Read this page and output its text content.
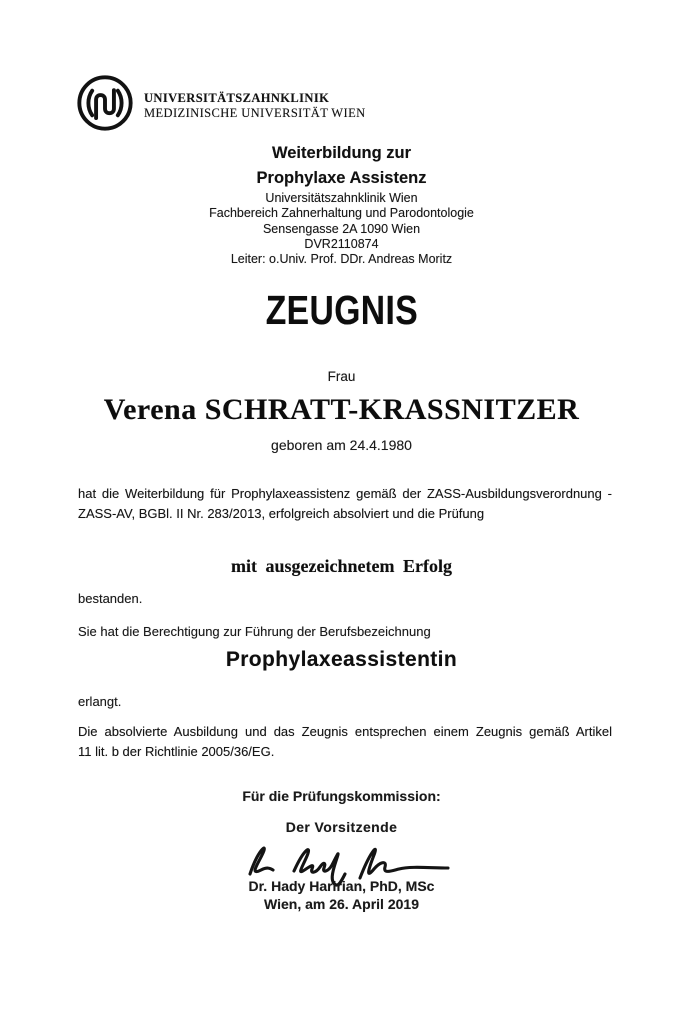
UNIVERSITÄTSZAHNKLINIK
MEDIZINISCHE UNIVERSITÄT WIEN
Weiterbildung zur
Prophylaxe Assistenz
Universitätszahnklinik Wien
Fachbereich Zahnerhaltung und Parodontologie
Sensengasse 2A 1090 Wien
DVR2110874
Leiter: o.Univ. Prof. DDr. Andreas Moritz
ZEUGNIS
Frau
Verena SCHRATT-KRASSNITZER
geboren am 24.4.1980
hat die Weiterbildung für Prophylaxeassistenz gemäß der ZASS-Ausbildungsverordnung -
ZASS-AV, BGBl. II Nr. 283/2013, erfolgreich absolviert und die Prüfung
mit ausgezeichnetem Erfolg
bestanden.
Sie hat die Berechtigung zur Führung der Berufsbezeichnung
Prophylaxeassistentin
erlangt.
Die absolvierte Ausbildung und das Zeugnis entsprechen einem Zeugnis gemäß Artikel
11 lit. b der Richtlinie 2005/36/EG.
Für die Prüfungskommission:
Der Vorsitzende
Dr. Hady Haririan, PhD, MSc
Wien, am 26. April 2019
